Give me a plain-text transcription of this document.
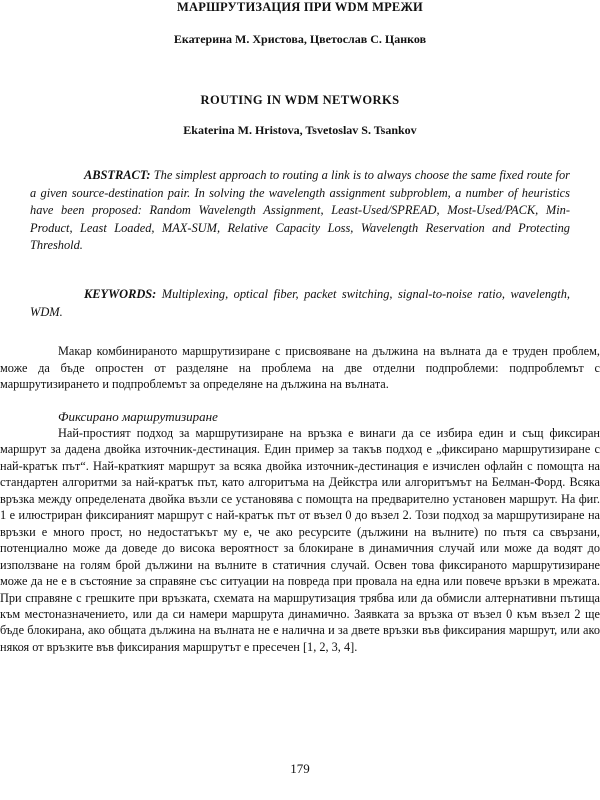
МАРШРУТИЗАЦИЯ ПРИ WDM МРЕЖИ
Екатерина М. Христова, Цветослав С. Цанков
ROUTING IN WDM NETWORKS
Ekaterina M. Hristova, Tsvetoslav S. Tsankov
ABSTRACT: The simplest approach to routing a link is to always choose the same fixed route for a given source-destination pair. In solving the wavelength assignment subproblem, a number of heuristics have been proposed: Random Wavelength Assignment, Least-Used/SPREAD, Most-Used/PACK, Min-Product, Least Loaded, MAX-SUM, Relative Capacity Loss, Wavelength Reservation and Protecting Threshold.
KEYWORDS: Multiplexing, optical fiber, packet switching, signal-to-noise ratio, wavelength, WDM.
Макар комбинираното маршрутизиране с присвояване на дължина на вълната да е труден проблем, може да бъде опростен от разделяне на проблема на две отделни подпроблеми: подпроблемът с маршрутизирането и подпроблемът за определяне на дължина на вълната.
Фиксирано маршрутизиране
Най-простият подход за маршрутизиране на връзка е винаги да се избира един и същ фиксиран маршрут за дадена двойка източник-дестинация. Един пример за такъв подход е „фиксирано маршрутизиране с най-кратък път“. Най-краткият маршрут за всяка двойка източник-дестинация е изчислен офлайн с помощта на стандартен алгоритми за най-кратък път, като алгоритъма на Дейкстра или алгоритъмът на Белман-Форд. Всяка връзка между определената двойка възли се установява с помощта на предварително установен маршрут. На фиг. 1 е илюстриран фиксираният маршрут с най-кратък път от възел 0 до възел 2. Този подход за маршрутизиране на връзки е много прост, но недостатъкът му е, че ако ресурсите (дължини на вълните) по пътя са свързани, потенциално може да доведе до висока вероятност за блокиране в динамичния случай или може да водят до използване на голям брой дължини на вълните в статичния случай. Освен това фиксираното маршрутизиране може да не е в състояние за справяне със ситуации на повреда при провала на една или повече връзки в мрежата. При справяне с грешките при връзката, схемата на маршрутизация трябва или да обмисли алтернативни пътища към местоназначението, или да си намери маршрута динамично. Заявката за връзка от възел 0 към възел 2 ще бъде блокирана, ако общата дължина на вълната не е налична и за двете връзки във фиксирания маршрут, или ако някоя от връзките във фиксирания маршрутът е пресечен [1, 2, 3, 4].
179
